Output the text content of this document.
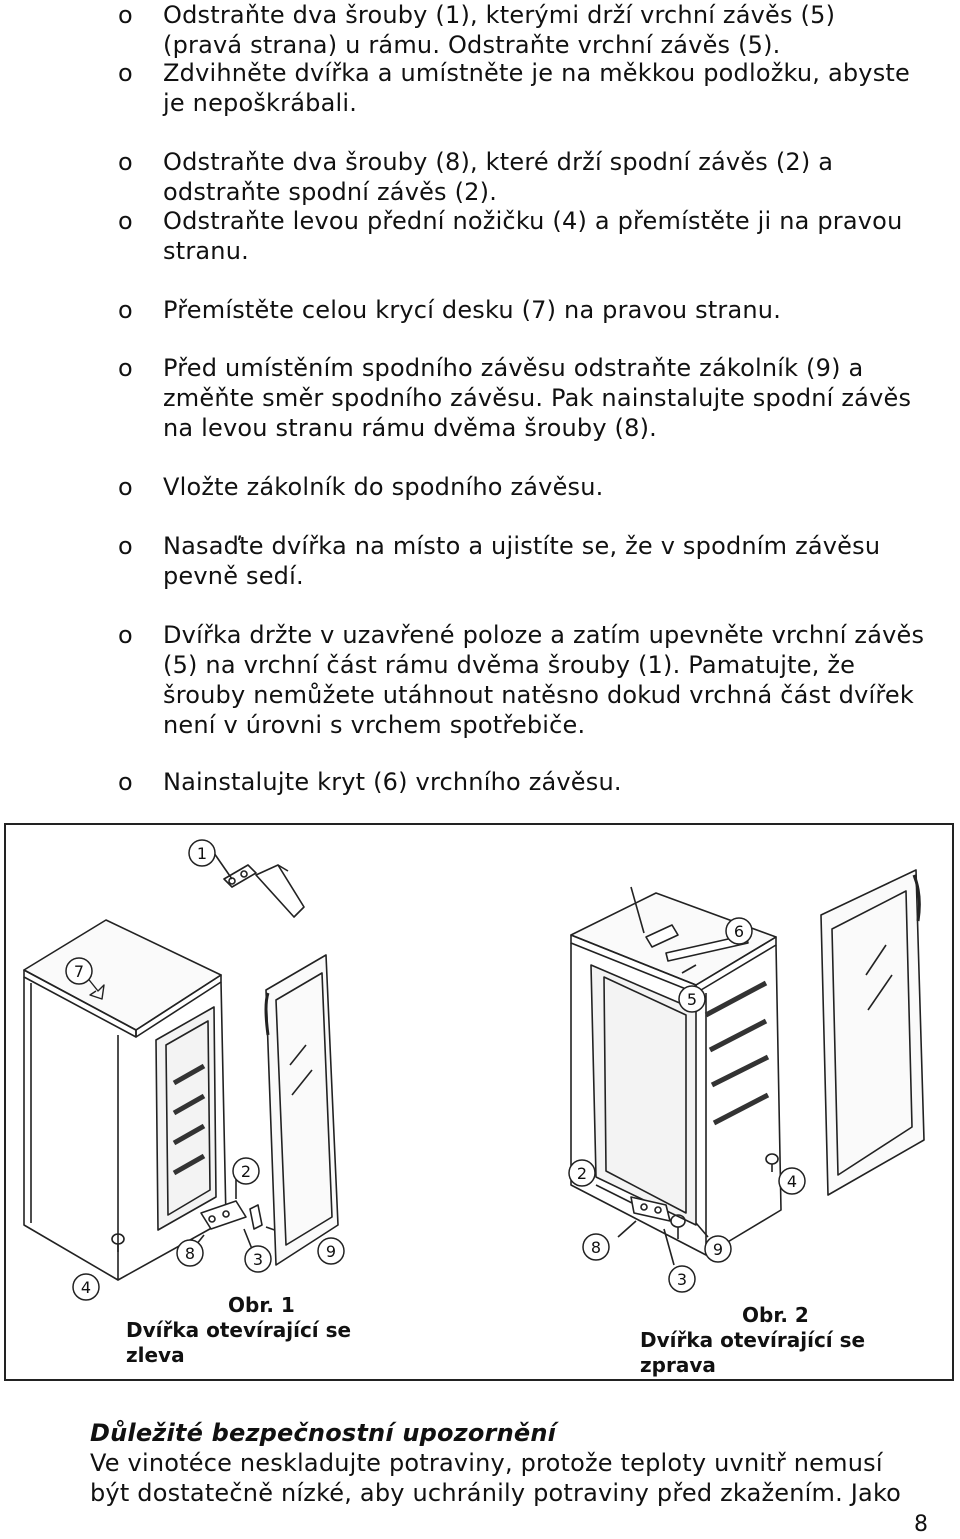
o Odstraňte dva šrouby (1), kterými drží vrchní závěs (5)
(pravá strana) u rámu. Odstraňte vrchní závěs (5).
o Zdvihněte dvířka a umístněte je na měkkou podložku, abyste
je nepoškrábali.
o Odstraňte dva šrouby (8), které drží spodní závěs (2) a
odstraňte spodní závěs (2).
o Odstraňte levou přední nožičku (4) a přemístěte ji na pravou
stranu.
o Přemístěte celou krycí desku (7) na pravou stranu.
o Před umístěním spodního závěsu odstraňte zákolník (9) a
změňte směr spodního závěsu. Pak nainstalujte spodní závěs
na levou stranu rámu dvěma šrouby (8).
o Vložte zákolník do spodního závěsu.
o Nasaďte dvířka na místo a ujistíte se, že v spodním závěsu
pevně sedí.
o Dvířka držte v uzavřené poloze a zatím upevněte vrchní závěs
(5) na vrchní část rámu dvěma šrouby (1). Pamatujte, že
šrouby nemůžete utáhnout natěsno dokud vrchná část dvířek
není v úrovni s vrchem spotřebiče.
o Nainstalujte kryt (6) vrchního závěsu.
1
7
2
8	3	9
4
6
5
2
8
3
9
4
Obr. 1
Dvířka otevírající se
zleva
Obr. 2
Dvířka otevírající se
zprava
Důležité bezpečnostní upozornění
Ve vinotéce neskladujte potraviny, protože teploty uvnitř nemusí
být dostatečně nízké, aby uchránily potraviny před zkažením. Jako
8
